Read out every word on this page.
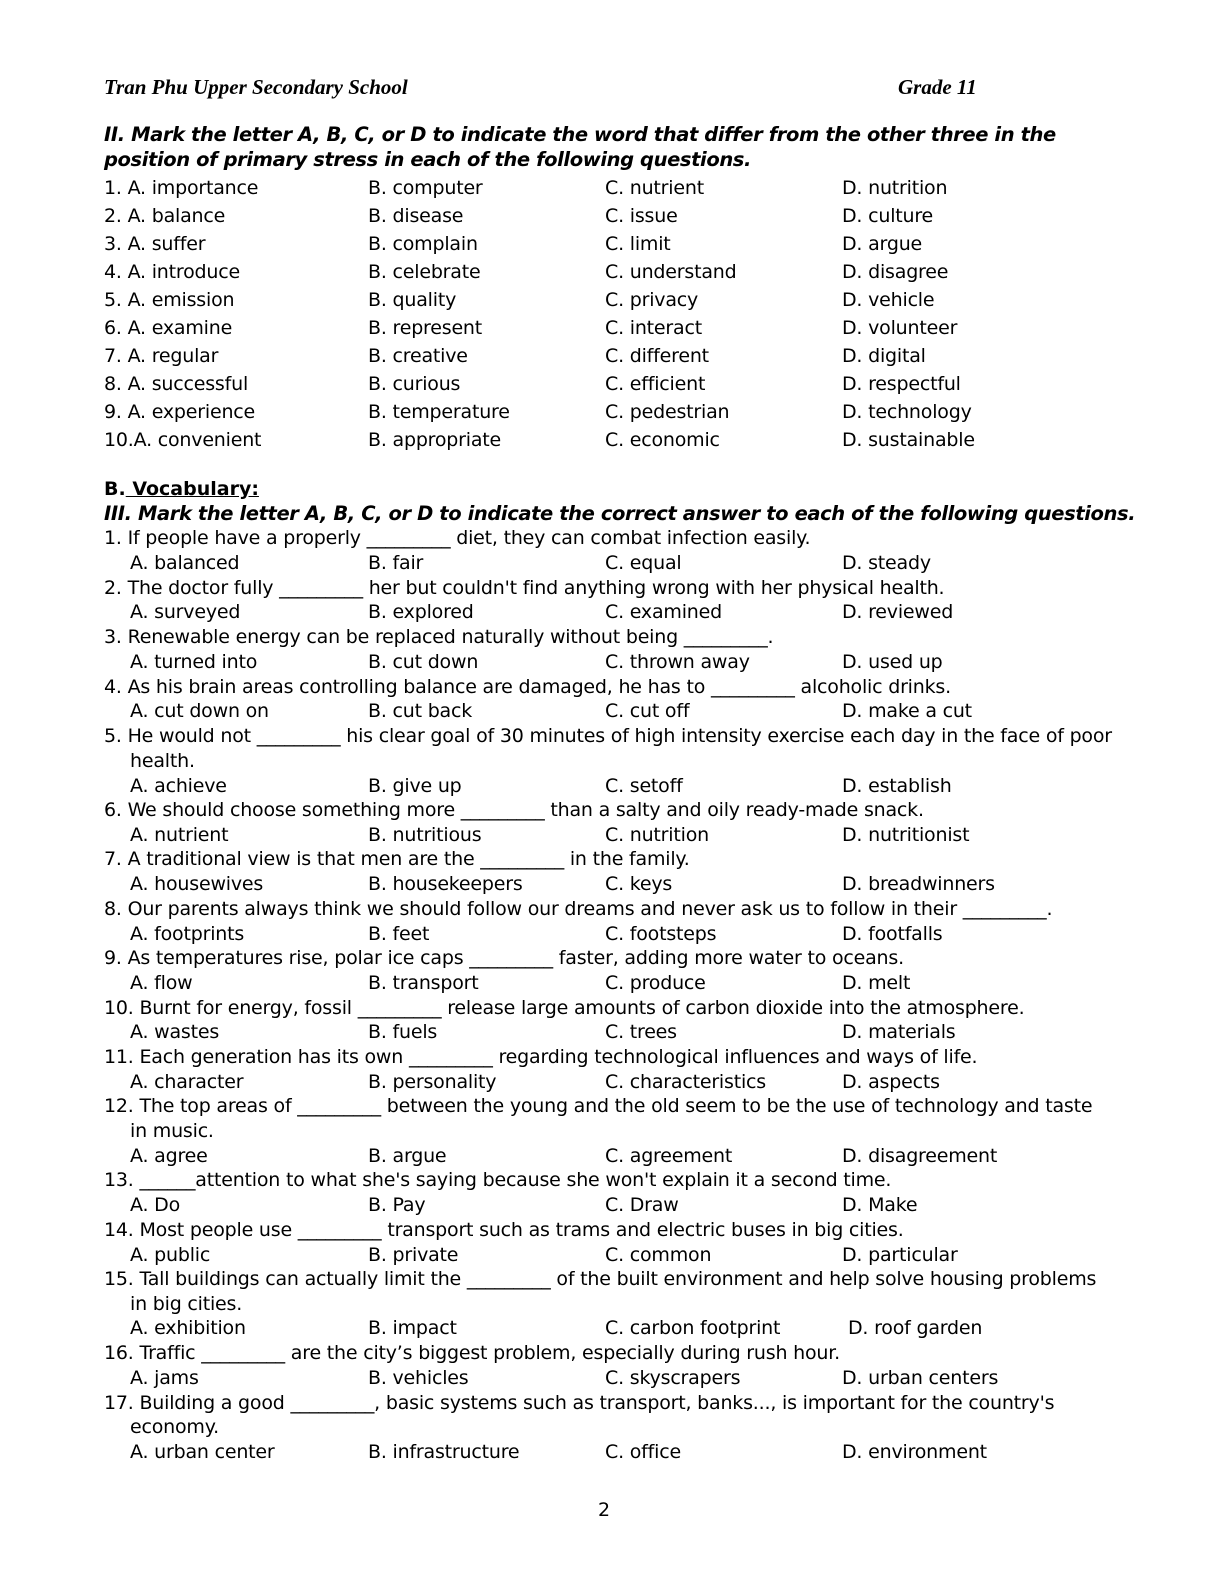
Tran Phu Upper Secondary School	Grade 11
II. Mark the letter A, B, C, or D to indicate the word that differ from the other three in the
position of primary stress in each of the following questions.
1. A. importance	B. computer	C. nutrient	D. nutrition
2. A. balance	B. disease	C. issue	D. culture
3. A. suffer	B. complain	C. limit	D. argue
4. A. introduce	B. celebrate	C. understand	D. disagree
5. A. emission	B. quality	C. privacy	D. vehicle
6. A. examine	B. represent	C. interact	D. volunteer
7. A. regular	B. creative	C. different	D. digital
8. A. successful	B. curious	C. efficient	D. respectful
9. A. experience	B. temperature	C. pedestrian	D. technology
10.A. convenient	B. appropriate	C. economic	D. sustainable
B. Vocabulary:
III. Mark the letter A, B, C, or D to indicate the correct answer to each of the following questions.
1. If people have a properly _________ diet, they can combat infection easily.
A. balanced	B. fair	C. equal	D. steady
2. The doctor fully _________ her but couldn't find anything wrong with her physical health.
A. surveyed	B. explored	C. examined	D. reviewed
3. Renewable energy can be replaced naturally without being _________.
A. turned into	B. cut down	C. thrown away	D. used up
4. As his brain areas controlling balance are damaged, he has to _________ alcoholic drinks.
A. cut down on	B. cut back	C. cut off	D. make a cut
5. He would not _________ his clear goal of 30 minutes of high intensity exercise each day in the face of poor
health.
A. achieve	B. give up	C. setoff	D. establish
6. We should choose something more _________ than a salty and oily ready-made snack.
A. nutrient	B. nutritious	C. nutrition	D. nutritionist
7. A traditional view is that men are the _________ in the family.
A. housewives	B. housekeepers	C. keys	D. breadwinners
8. Our parents always think we should follow our dreams and never ask us to follow in their _________.
A. footprints	B. feet	C. footsteps	D. footfalls
9. As temperatures rise, polar ice caps _________ faster, adding more water to oceans.
A. flow	B. transport	C. produce	D. melt
10. Burnt for energy, fossil _________ release large amounts of carbon dioxide into the atmosphere.
A. wastes	B. fuels	C. trees	D. materials
11. Each generation has its own _________ regarding technological influences and ways of life.
A. character	B. personality	C. characteristics	D. aspects
12. The top areas of _________ between the young and the old seem to be the use of technology and taste
in music.
A. agree	B. argue	C. agreement	D. disagreement
13. ______attention to what she's saying because she won't explain it a second time.
A. Do	B. Pay	C. Draw	D. Make
14. Most people use _________ transport such as trams and electric buses in big cities.
A. public	B. private	C. common	D. particular
15. Tall buildings can actually limit the _________ of the built environment and help solve housing problems
in big cities.
A. exhibition	B. impact	C. carbon footprint	D. roof garden
16. Traffic _________ are the city’s biggest problem, especially during rush hour.
A. jams	B. vehicles	C. skyscrapers	D. urban centers
17. Building a good _________, basic systems such as transport, banks..., is important for the country's
economy.
A. urban center	B. infrastructure	C. office	D. environment
2
